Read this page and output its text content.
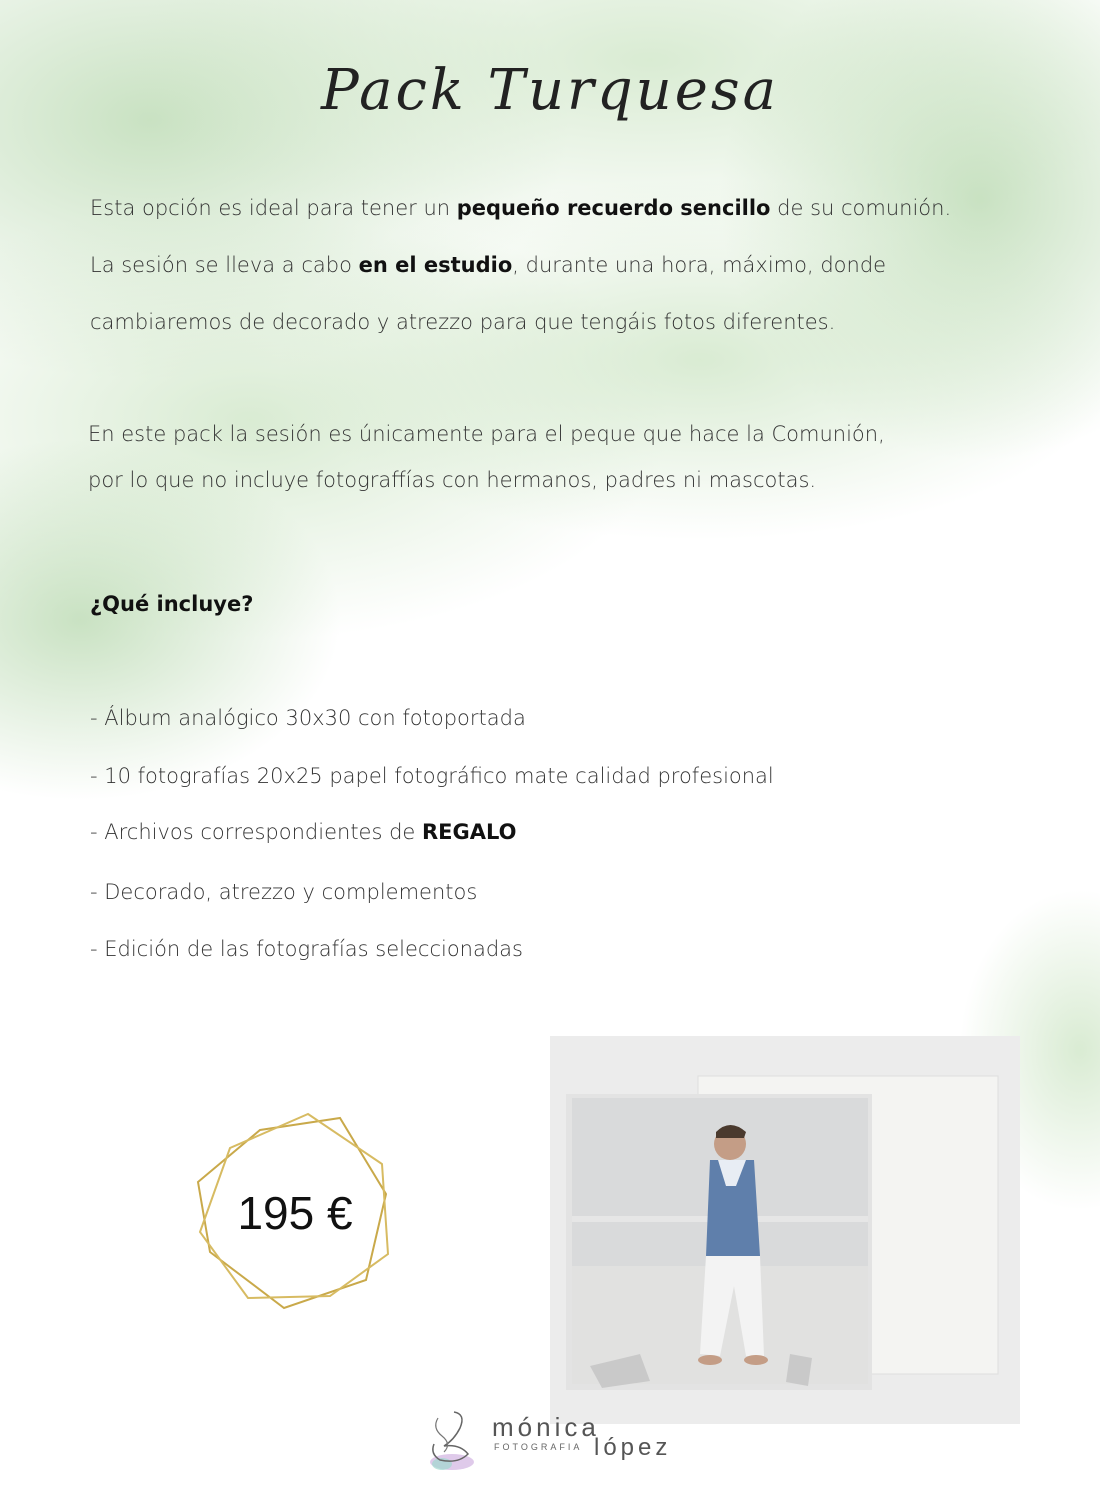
Pack Turquesa
Esta opción es ideal para tener un pequeño recuerdo sencillo de su comunión.
La sesión se lleva a cabo en el estudio, durante una hora, máximo, donde
cambiaremos de decorado y atrezzo para que tengáis fotos diferentes.
En este pack la sesión es únicamente para el peque que hace la Comunión,
por lo que no incluye fotograffías con hermanos, padres ni mascotas.
¿Qué incluye?
- Álbum analógico 30x30 con fotoportada
- 10 fotografías 20x25 papel fotográfico mate calidad profesional
- Archivos correspondientes de REGALO
- Decorado, atrezzo y complementos
- Edición de las fotografías seleccionadas
195 €
mónica
FOTOGRAFIA lópez
